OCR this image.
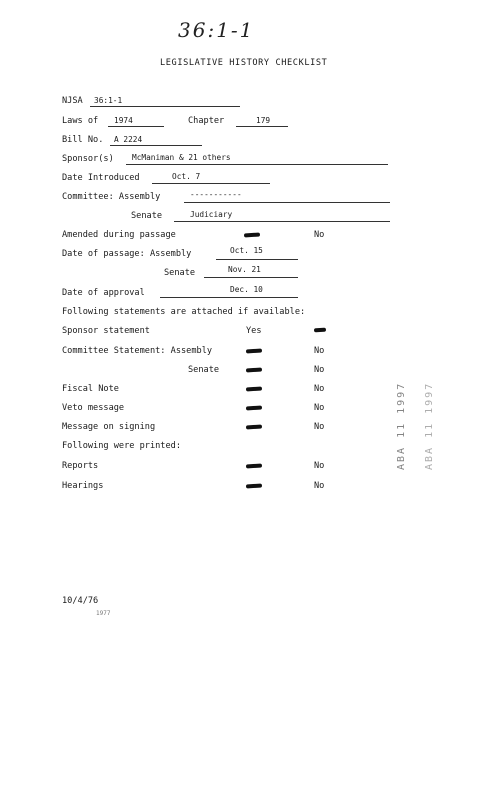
36:1-1
LEGISLATIVE HISTORY CHECKLIST
NJSA 36:1-1
Laws of 1974	Chapter	179
Bill No. A 2224
Sponsor(s) McManiman & 21 others
Date Introduced	Oct. 7
Committee: Assembly	-----------
Senate	Judiciary
Amended during passage	No
Date of passage: Assembly	Oct. 15
Senate	Nov. 21
Date of approval	Dec. 10
Following statements are attached if available:
Sponsor statement	Yes
Committee Statement: Assembly	No
Senate	No
Fiscal Note	No
Veto message	No
Message on signing	No
Following were printed:
Reports	No
Hearings	No
10/4/76
1977
ABA 11 1997 ABA 11 1997
